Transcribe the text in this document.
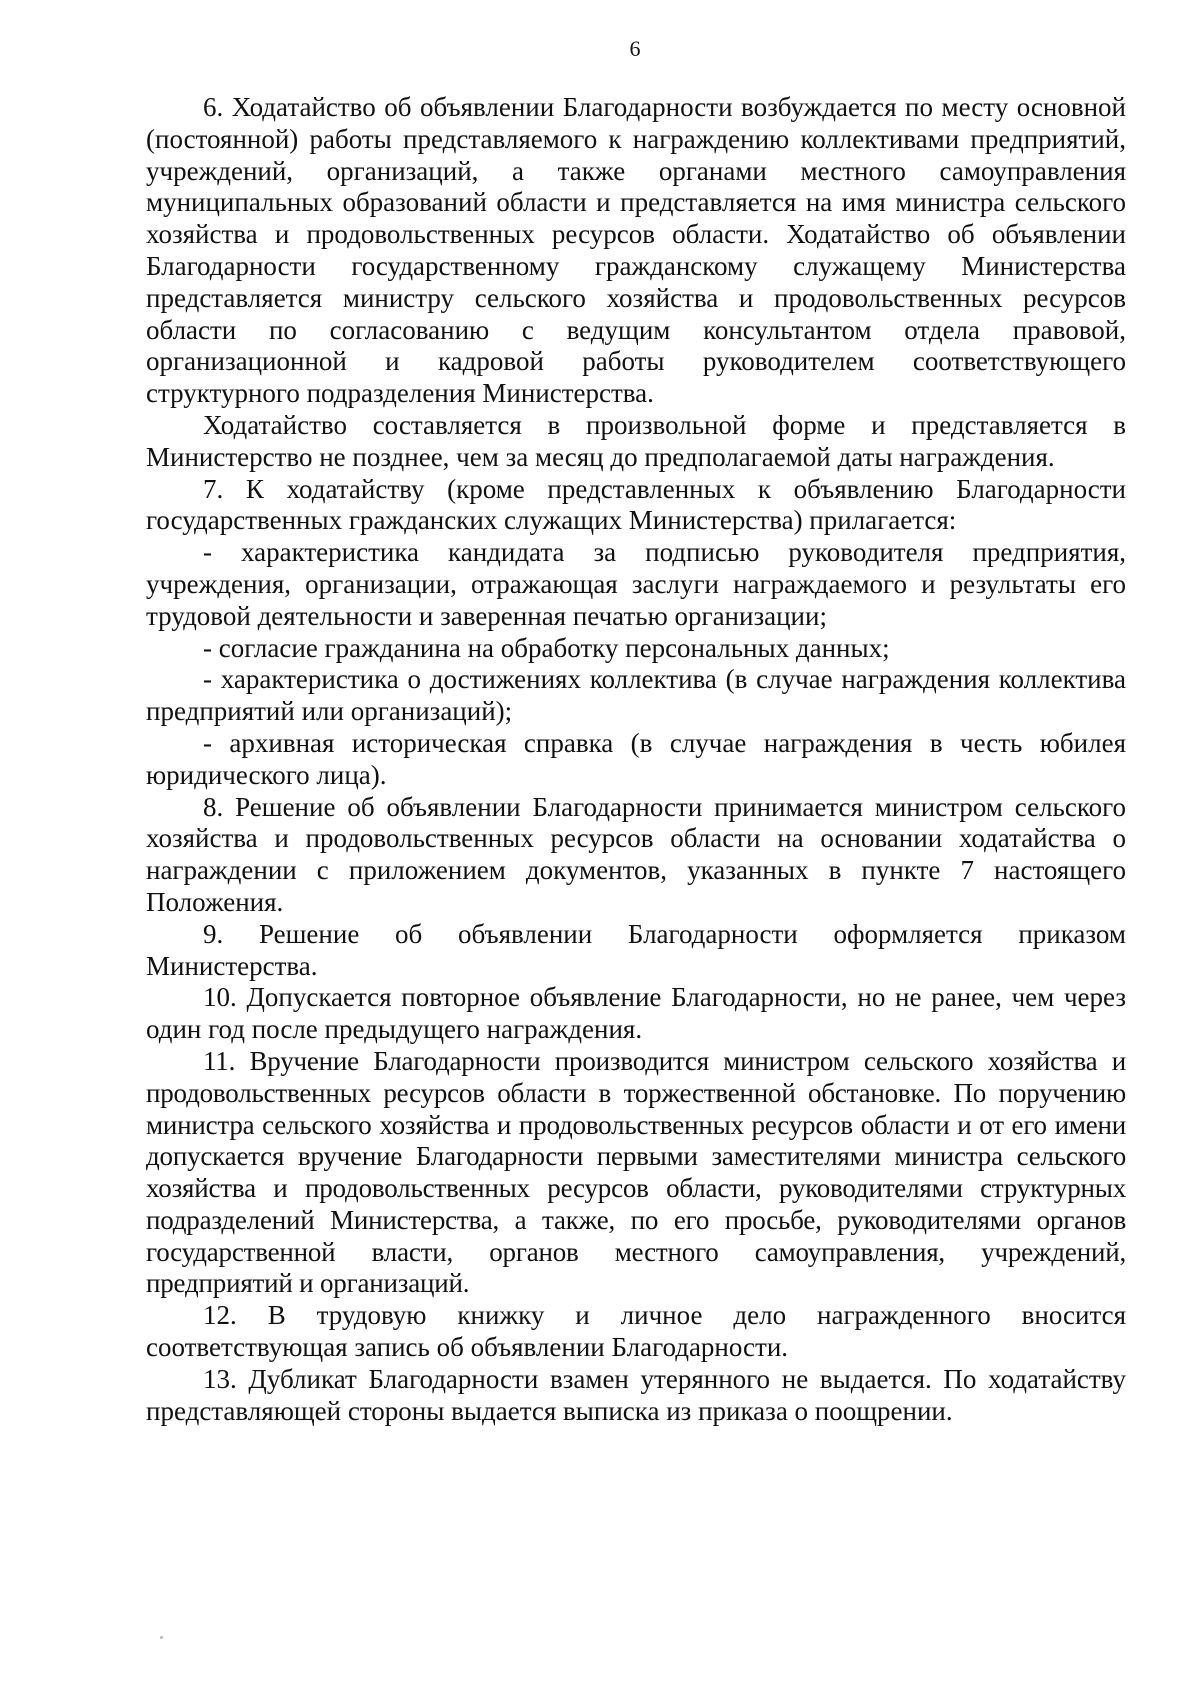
6

6. Ходатайство об объявлении Благодарности возбуждается по месту основной (постоянной) работы представляемого к награждению коллективами предприятий, учреждений, организаций, а также органами местного самоуправления муниципальных образований области и представляется на имя министра сельского хозяйства и продовольственных ресурсов области. Ходатайство об объявлении Благодарности государственному гражданскому служащему Министерства представляется министру сельского хозяйства и продовольственных ресурсов области по согласованию с ведущим консультантом отдела правовой, организационной и кадровой работы руководителем соответствующего структурного подразделения Министерства.

Ходатайство составляется в произвольной форме и представляется в Министерство не позднее, чем за месяц до предполагаемой даты награждения.

7. К ходатайству (кроме представленных к объявлению Благодарности государственных гражданских служащих Министерства) прилагается:

- характеристика кандидата за подписью руководителя предприятия, учреждения, организации, отражающая заслуги награждаемого и результаты его трудовой деятельности и заверенная печатью организации;

- согласие гражданина на обработку персональных данных;

- характеристика о достижениях коллектива (в случае награждения коллектива предприятий или организаций);

- архивная историческая справка (в случае награждения в честь юбилея юридического лица).

8. Решение об объявлении Благодарности принимается министром сельского хозяйства и продовольственных ресурсов области на основании ходатайства о награждении с приложением документов, указанных в пункте 7 настоящего Положения.

9. Решение об объявлении Благодарности оформляется приказом Министерства.

10. Допускается повторное объявление Благодарности, но не ранее, чем через один год после предыдущего награждения.

11. Вручение Благодарности производится министром сельского хозяйства и продовольственных ресурсов области в торжественной обстановке. По поручению министра сельского хозяйства и продовольственных ресурсов области и от его имени допускается вручение Благодарности первыми заместителями министра сельского хозяйства и продовольственных ресурсов области, руководителями структурных подразделений Министерства, а также, по его просьбе, руководителями органов государственной власти, органов местного самоуправления, учреждений, предприятий и организаций.

12. В трудовую книжку и личное дело награжденного вносится соответствующая запись об объявлении Благодарности.

13. Дубликат Благодарности взамен утерянного не выдается. По ходатайству представляющей стороны выдается выписка из приказа о поощрении.
